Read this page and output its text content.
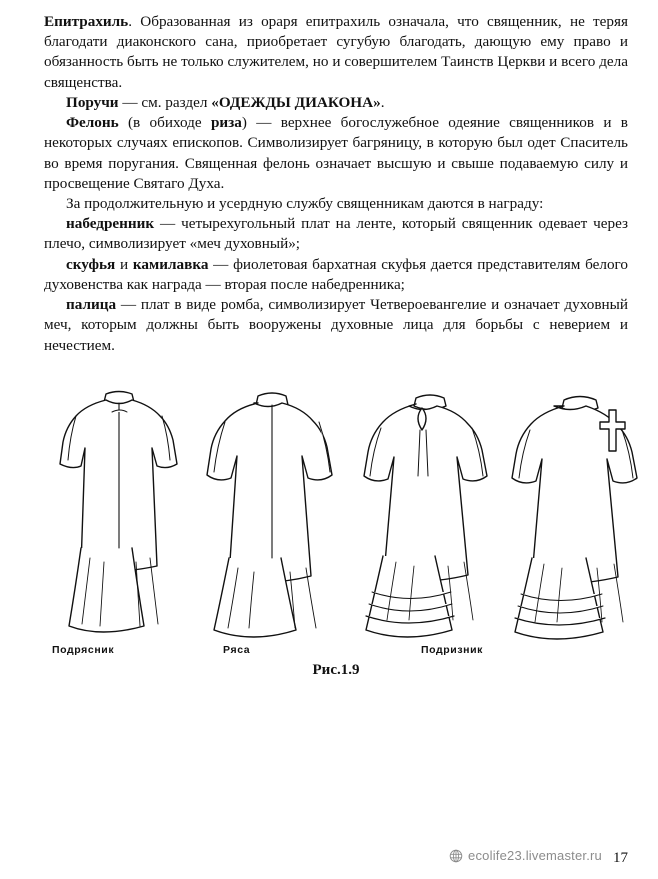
Епитрахиль. Образованная из ораря епитрахиль означала, что священник, не теряя благодати диаконского сана, приобретает сугубую благодать, дающую ему право и обязанность быть не только служителем, но и совершителем Таинств Церкви и всего дела священства.

Поручи — см. раздел «ОДЕЖДЫ ДИАКОНА».

Фелонь (в обиходе риза) — верхнее богослужебное одеяние священников и в некоторых случаях епископов. Символизирует багряницу, в которую был одет Спаситель во время поругания. Священная фелонь означает высшую и свыше подаваемую силу и просвещение Святаго Духа.

За продолжительную и усердную службу священникам даются в награду:

набедренник — четырехугольный плат на ленте, который священник одевает через плечо, символизирует «меч духовный»;

скуфья и камилавка — фиолетовая бархатная скуфья дается представителям белого духовенства как награда — вторая после набедренника;

палица — плат в виде ромба, символизирует Четвероевангелие и означает духовный меч, которым должны быть вооружены духовные лица для борьбы с неверием и нечестием.

Подрясник	Ряса	Подризник
Рис.1.9
ecolife23.livemaster.ru 17
